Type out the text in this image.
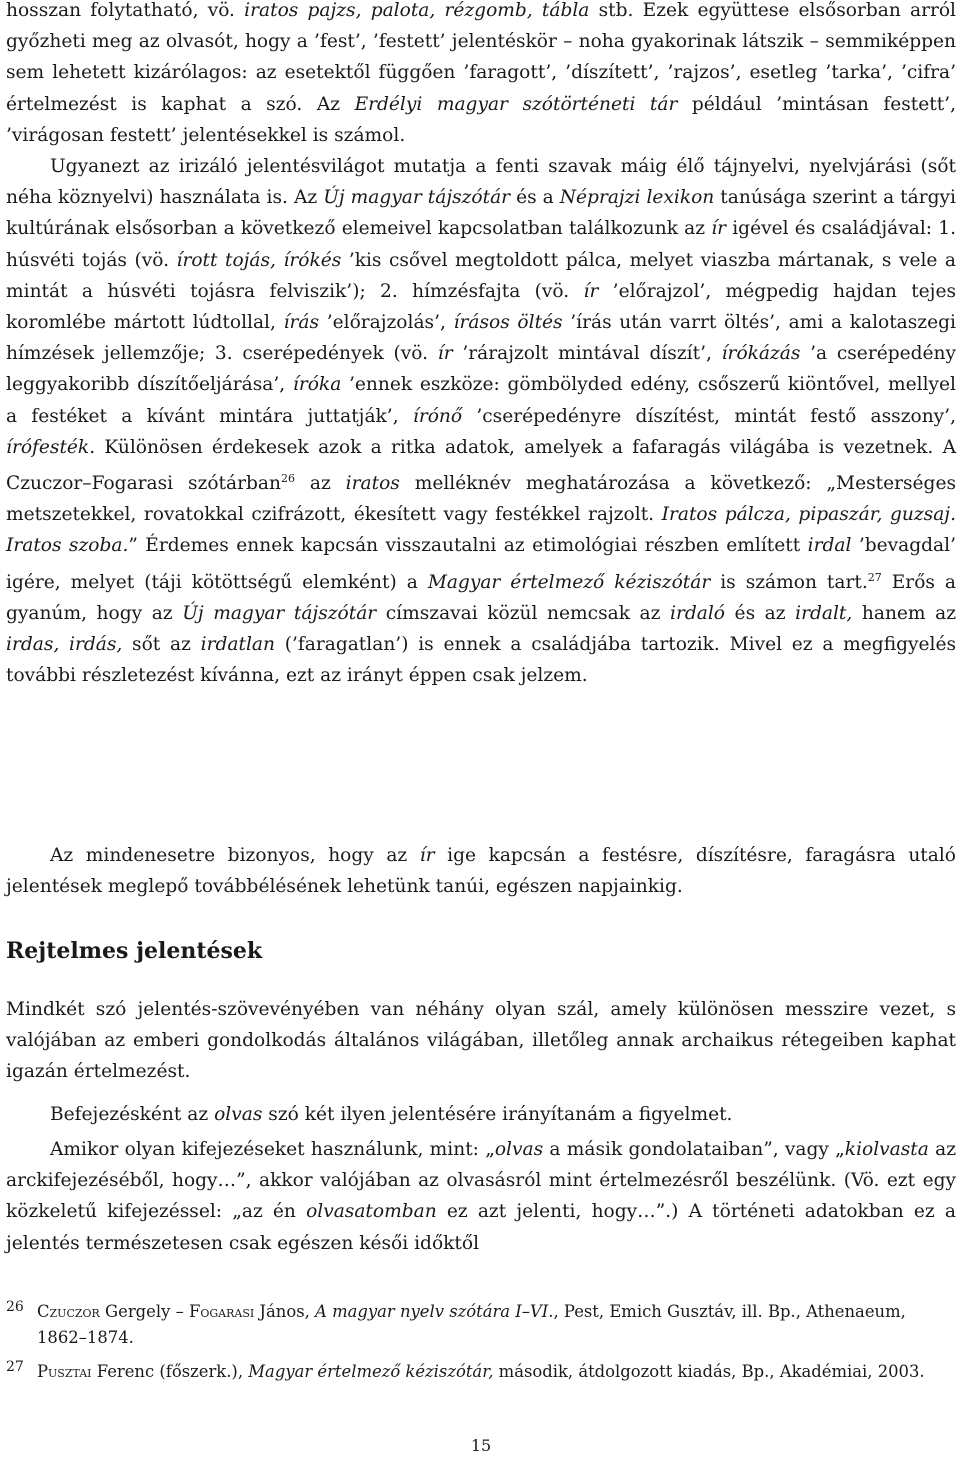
hosszan folytatható, vö. iratos pajzs, palota, rézgomb, tábla stb. Ezek együttese elsősorban arról győzheti meg az olvasót, hogy a ’fest’, ’festett’ jelentéskör – noha gyakorinak látszik – semmiképpen sem lehetett kizárólagos: az esetektől függően ’faragott’, ’díszített’, ’rajzos’, esetleg ’tarka’, ’cifra’ értelmezést is kaphat a szó. Az Erdélyi magyar szótörténeti tár például ’mintásan festett’, ’virágosan festett’ jelentésekkel is számol.
Ugyanezt az irizáló jelentésvilágot mutatja a fenti szavak máig élő tájnyelvi, nyelvjárási (sőt néha köznyelvi) használata is. Az Új magyar tájszótár és a Néprajzi lexikon tanúsága szerint a tárgyi kultúrának elsősorban a következő elemeivel kapcsolatban találkozunk az ír igével és családjával: 1. húsvéti tojás (vö. írott tojás, írókés ’kis csővel megtoldott pálca, melyet viaszba mártanak, s vele a mintát a húsvéti tojásra felviszik’); 2. hímzésfajta (vö. ír ’előrajzol’, mégpedig hajdan tejes koromlébe mártott lúdtollal, írás ’előrajzolás’, írásos öltés ’írás után varrt öltés’, ami a kalotaszegi hímzések jellemzője; 3. cserépedények (vö. ír ’rárajzolt mintával díszít’, írókázás ’a cserépedény leggyakoribb díszítőeljárása’, íróka ’ennek eszköze: gömbölyded edény, csőszerű kiöntővel, mellyel a festéket a kívánt mintára juttatják’, írónő ’cserépedényre díszítést, mintát festő asszony’, írófesték. Különösen érdekesek azok a ritka adatok, amelyek a fafaragás világába is vezetnek. A Czuczor–Fogarasi szótárban$^{26}$ az iratos melléknév meghatározása a következő: „Mesterséges metszetekkel, rovatokkal czifrázott, ékesített vagy festékkel rajzolt. Iratos pálcza, pipaszár, guzsaj. Iratos szoba.” Érdemes ennek kapcsán visszautalni az etimológiai részben említett irdal ’bevagdal’ igére, melyet (táji kötöttségű elemként) a Magyar értelmező kéziszótár is számon tart.$^{27}$ Erős a gyanúm, hogy az Új magyar tájszótár címszavai közül nemcsak az irdaló és az irdalt, hanem az irdas, irdás, sőt az irdatlan (’faragatlan’) is ennek a családjába tartozik. Mivel ez a megfigyelés további részletezést kívánna, ezt az irányt éppen csak jelzem.

Az mindenesetre bizonyos, hogy az ír ige kapcsán a festésre, díszítésre, faragásra utaló jelentések meglepő továbbélésének lehetünk tanúi, egészen napjainkig.

Rejtelmes jelentések

Mindkét szó jelentés-szövevényében van néhány olyan szál, amely különösen messzire vezet, s valójában az emberi gondolkodás általános világában, illetőleg annak archaikus rétegeiben kaphat igazán értelmezést.

Befejezésként az olvas szó két ilyen jelentésére irányítanám a figyelmet.

Amikor olyan kifejezéseket használunk, mint: „olvas a másik gondolataiban”, vagy „kiolvasta az arckifejezéséből, hogy…”, akkor valójában az olvasásról mint értelmezésről beszélünk. (Vö. ezt egy közkeletű kifejezéssel: „az én olvasatomban ez azt jelenti, hogy…”.) A történeti adatokban ez a jelentés természetesen csak egészen késői időktől

26 Czuczor Gergely – Fogarasi János, A magyar nyelv szótára I–VI., Pest, Emich Gusztáv, ill. Bp., Athenaeum, 1862–1874.
27 Pusztai Ferenc (főszerk.), Magyar értelmező kéziszótár, második, átdolgozott kiadás, Bp., Akadémiai, 2003.
15
